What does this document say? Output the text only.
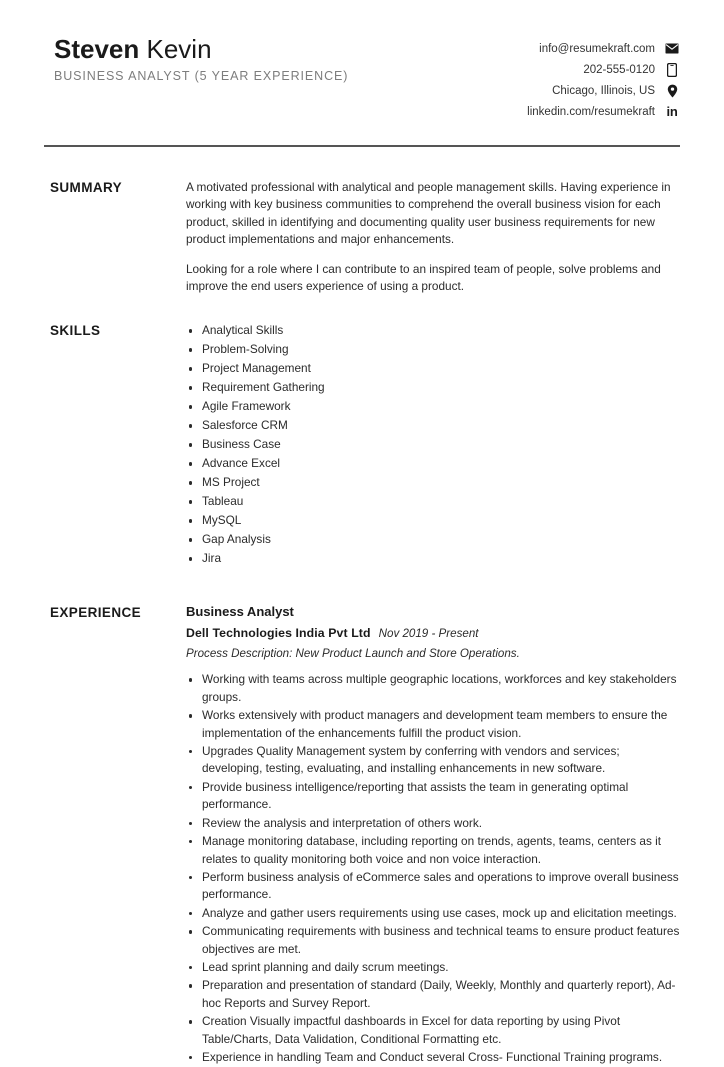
Steven Kevin
BUSINESS ANALYST (5 YEAR EXPERIENCE)
info@resumekraft.com
202-555-0120
Chicago, Illinois, US
linkedin.com/resumekraft in
SUMMARY	A motivated professional with analytical and people management skills. Having experience in working with key business communities to comprehend the overall business vision for each product, skilled in identifying and documenting quality user business requirements for new product implementations and major enhancements.

Looking for a role where I can contribute to an inspired team of people, solve problems and improve the end users experience of using a product.

SKILLS	Analytical Skills
Problem-Solving
Project Management
Requirement Gathering
Agile Framework
Salesforce CRM
Business Case
Advance Excel
MS Project
Tableau
MySQL
Gap Analysis
Jira
EXPERIENCE	Business Analyst
Dell Technologies India Pvt Ltd Nov 2019 - Present
Process Description: New Product Launch and Store Operations.
Working with teams across multiple geographic locations, workforces and key stakeholders groups.
Works extensively with product managers and development team members to ensure the implementation of the enhancements fulfill the product vision.
Upgrades Quality Management system by conferring with vendors and services; developing, testing, evaluating, and installing enhancements in new software.
Provide business intelligence/reporting that assists the team in generating optimal performance.
Review the analysis and interpretation of others work.
Manage monitoring database, including reporting on trends, agents, teams, centers as it relates to quality monitoring both voice and non voice interaction.
Perform business analysis of eCommerce sales and operations to improve overall business performance.
Analyze and gather users requirements using use cases, mock up and elicitation meetings.
Communicating requirements with business and technical teams to ensure product features objectives are met.
Lead sprint planning and daily scrum meetings.
Preparation and presentation of standard (Daily, Weekly, Monthly and quarterly report), Ad-hoc Reports and Survey Report.
Creation Visually impactful dashboards in Excel for data reporting by using Pivot Table/Charts, Data Validation, Conditional Formatting etc.
Experience in handling Team and Conduct several Cross- Functional Training programs.
